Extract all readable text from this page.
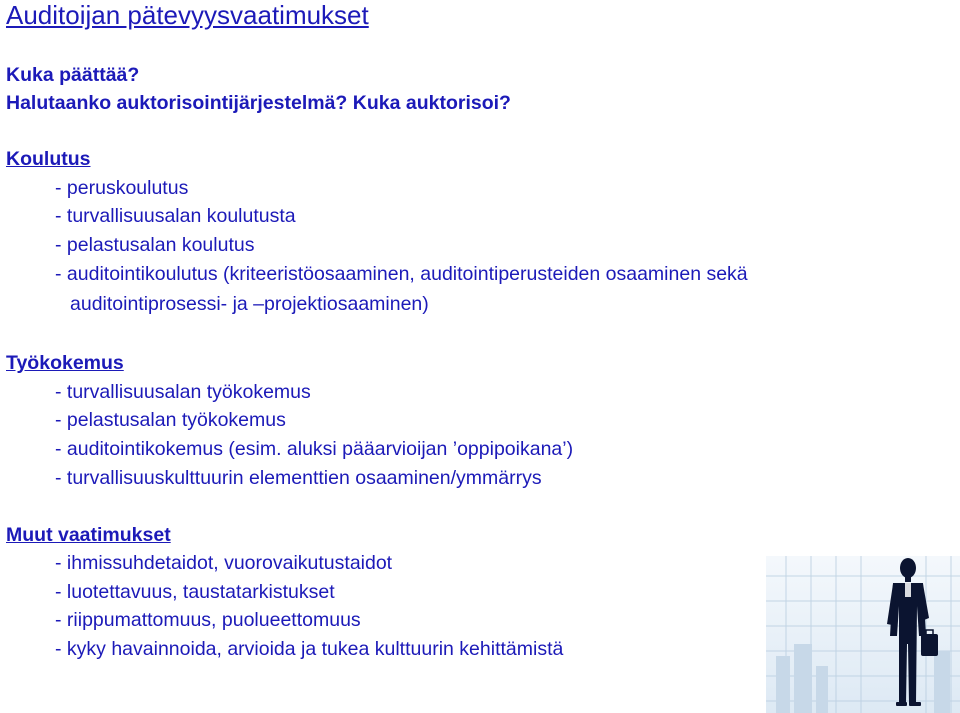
Auditoijan pätevyysvaatimukset
Kuka päättää?
Halutaanko auktorisointijärjestelmä? Kuka auktorisoi?
Koulutus
- peruskoulutus
- turvallisuusalan koulutusta
- pelastusalan koulutus
- auditointikoulutus (kriteeristöosaaminen, auditointiperusteiden osaaminen sekä
auditointiprosessi- ja –projektiosaaminen)
Työkokemus
- turvallisuusalan työkokemus
- pelastusalan työkokemus
- auditointikokemus (esim. aluksi pääarvioijan ’oppipoikana’)
- turvallisuuskulttuurin elementtien osaaminen/ymmärrys
Muut vaatimukset
- ihmissuhdetaidot, vuorovaikutustaidot
- luotettavuus, taustatarkistukset
- riippumattomuus, puolueettomuus
- kyky havainnoida, arvioida ja tukea kulttuurin kehittämistä
